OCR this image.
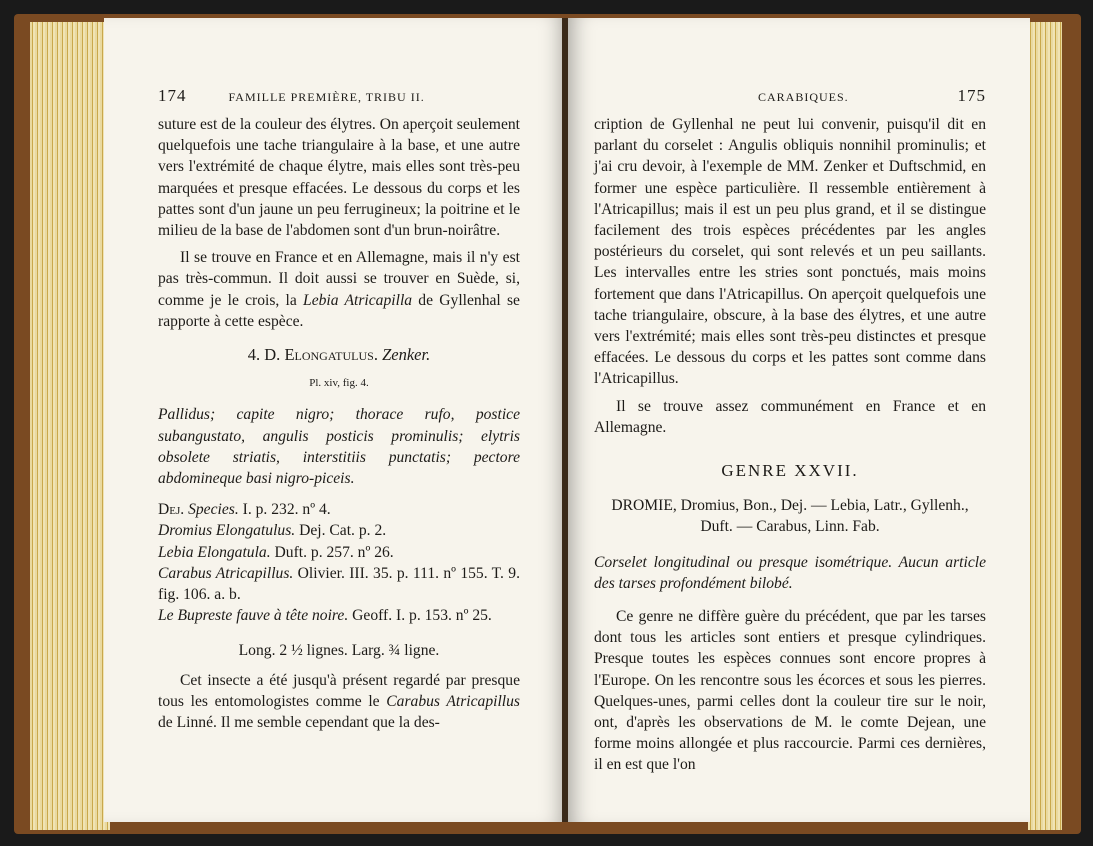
174	FAMILLE PREMIÈRE, TRIBU II.

suture est de la couleur des élytres. On aperçoit seulement quelquefois une tache triangulaire à la base, et une autre vers l'extrémité de chaque élytre, mais elles sont très-peu marquées et presque effacées. Le dessous du corps et les pattes sont d'un jaune un peu ferrugineux; la poitrine et le milieu de la base de l'abdomen sont d'un brun-noirâtre.

Il se trouve en France et en Allemagne, mais il n'y est pas très-commun. Il doit aussi se trouver en Suède, si, comme je le crois, la Lebia Atricapilla de Gyllenhal se rapporte à cette espèce.

4. D. Elongatulus. Zenker.

Pl. xiv, fig. 4.

Pallidus; capite nigro; thorace rufo, postice subangustato, angulis posticis prominulis; elytris obsolete striatis, interstitiis punctatis; pectore abdomineque basi nigro-piceis.

Dej. Species. I. p. 232. nº 4.

Dromius Elongatulus. Dej. Cat. p. 2.

Lebia Elongatula. Duft. p. 257. nº 26.

Carabus Atricapillus. Olivier. III. 35. p. 111. nº 155. T. 9. fig. 106. a. b.

Le Bupreste fauve à tête noire. Geoff. I. p. 153. nº 25.

Long. 2 ½ lignes. Larg. ¾ ligne.

Cet insecte a été jusqu'à présent regardé par presque tous les entomologistes comme le Carabus Atricapillus de Linné. Il me semble cependant que la des-

CARABIQUES.	175

cription de Gyllenhal ne peut lui convenir, puisqu'il dit en parlant du corselet : Angulis obliquis nonnihil prominulis; et j'ai cru devoir, à l'exemple de MM. Zenker et Duftschmid, en former une espèce particulière. Il ressemble entièrement à l'Atricapillus; mais il est un peu plus grand, et il se distingue facilement des trois espèces précédentes par les angles postérieurs du corselet, qui sont relevés et un peu saillants. Les intervalles entre les stries sont ponctués, mais moins fortement que dans l'Atricapillus. On aperçoit quelquefois une tache triangulaire, obscure, à la base des élytres, et une autre vers l'extrémité; mais elles sont très-peu distinctes et presque effacées. Le dessous du corps et les pattes sont comme dans l'Atricapillus.

Il se trouve assez communément en France et en Allemagne.

GENRE XXVII.

DROMIE, Dromius, Bon., Dej. — Lebia, Latr., Gyllenh., Duft. — Carabus, Linn. Fab.

Corselet longitudinal ou presque isométrique. Aucun article des tarses profondément bilobé.

Ce genre ne diffère guère du précédent, que par les tarses dont tous les articles sont entiers et presque cylindriques. Presque toutes les espèces connues sont encore propres à l'Europe. On les rencontre sous les écorces et sous les pierres. Quelques-unes, parmi celles dont la couleur tire sur le noir, ont, d'après les observations de M. le comte Dejean, une forme moins allongée et plus raccourcie. Parmi ces dernières, il en est que l'on
